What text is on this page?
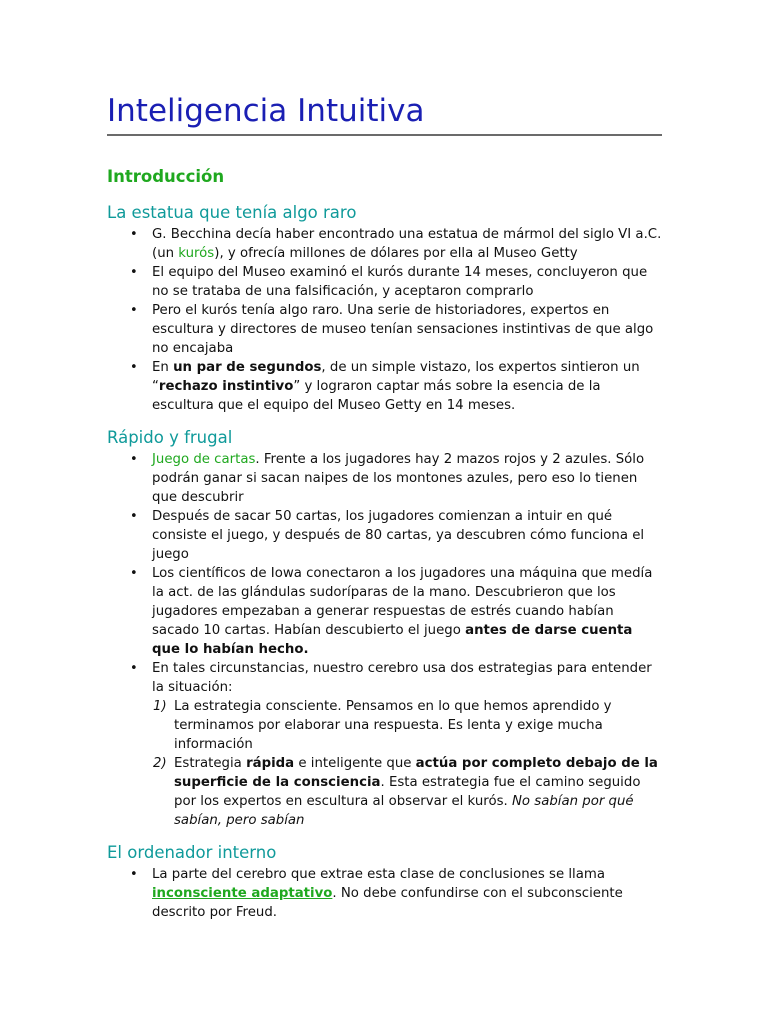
Inteligencia Intuitiva
Introducción
La estatua que tenía algo raro
• G. Becchina decía haber encontrado una estatua de mármol del siglo VI a.C. (un kurós), y ofrecía millones de dólares por ella al Museo Getty
• El equipo del Museo examinó el kurós durante 14 meses, concluyeron que no se trataba de una falsificación, y aceptaron comprarlo
• Pero el kurós tenía algo raro. Una serie de historiadores, expertos en escultura y directores de museo tenían sensaciones instintivas de que algo no encajaba
• En un par de segundos, de un simple vistazo, los expertos sintieron un “rechazo instintivo” y lograron captar más sobre la esencia de la escultura que el equipo del Museo Getty en 14 meses.
Rápido y frugal
• Juego de cartas. Frente a los jugadores hay 2 mazos rojos y 2 azules. Sólo podrán ganar si sacan naipes de los montones azules, pero eso lo tienen que descubrir
• Después de sacar 50 cartas, los jugadores comienzan a intuir en qué consiste el juego, y después de 80 cartas, ya descubren cómo funciona el juego
• Los científicos de Iowa conectaron a los jugadores una máquina que medía la act. de las glándulas sudoríparas de la mano. Descubrieron que los jugadores empezaban a generar respuestas de estrés cuando habían sacado 10 cartas. Habían descubierto el juego antes de darse cuenta que lo habían hecho.
• En tales circunstancias, nuestro cerebro usa dos estrategias para entender la situación:
1) La estrategia consciente. Pensamos en lo que hemos aprendido y terminamos por elaborar una respuesta. Es lenta y exige mucha información
2) Estrategia rápida e inteligente que actúa por completo debajo de la superficie de la consciencia. Esta estrategia fue el camino seguido por los expertos en escultura al observar el kurós. No sabían por qué sabían, pero sabían
El ordenador interno
• La parte del cerebro que extrae esta clase de conclusiones se llama inconsciente adaptativo. No debe confundirse con el subconsciente descrito por Freud.
